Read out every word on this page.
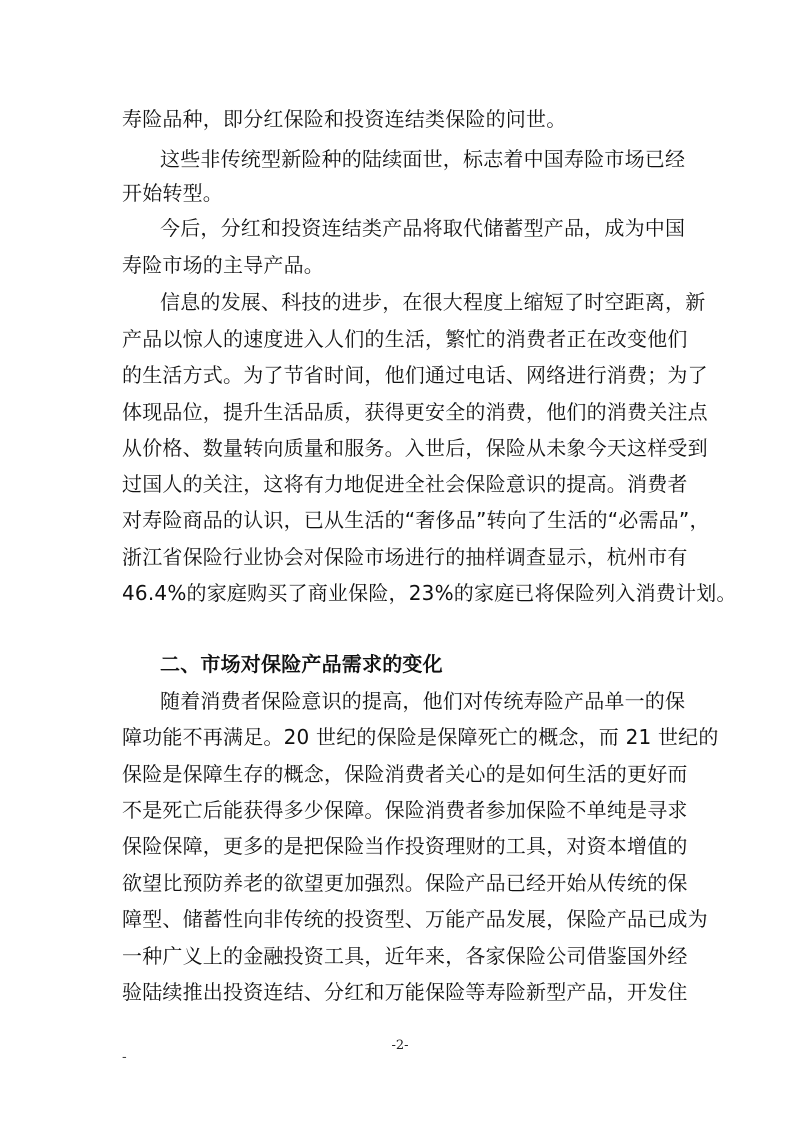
寿险品种，即分红保险和投资连结类保险的问世。
这些非传统型新险种的陆续面世，标志着中国寿险市场已经
开始转型。
今后，分红和投资连结类产品将取代储蓄型产品，成为中国
寿险市场的主导产品。
信息的发展、科技的进步，在很大程度上缩短了时空距离，新
产品以惊人的速度进入人们的生活，繁忙的消费者正在改变他们
的生活方式。为了节省时间，他们通过电话、网络进行消费；为了
体现品位，提升生活品质，获得更安全的消费，他们的消费关注点
从价格、数量转向质量和服务。入世后，保险从未象今天这样受到
过国人的关注，这将有力地促进全社会保险意识的提高。消费者
对寿险商品的认识，已从生活的“奢侈品”转向了生活的“必需品”，
浙江省保险行业协会对保险市场进行的抽样调查显示，杭州市有
46.4%的家庭购买了商业保险，23%的家庭已将保险列入消费计划。
二、市场对保险产品需求的变化
随着消费者保险意识的提高，他们对传统寿险产品单一的保
障功能不再满足。20 世纪的保险是保障死亡的概念，而 21 世纪的
保险是保障生存的概念，保险消费者关心的是如何生活的更好而
不是死亡后能获得多少保障。保险消费者参加保险不单纯是寻求
保险保障，更多的是把保险当作投资理财的工具，对资本增值的
欲望比预防养老的欲望更加强烈。保险产品已经开始从传统的保
障型、储蓄性向非传统的投资型、万能产品发展，保险产品已成为
一种广义上的金融投资工具，近年来，各家保险公司借鉴国外经
验陆续推出投资连结、分红和万能保险等寿险新型产品，开发住
-2-
-
